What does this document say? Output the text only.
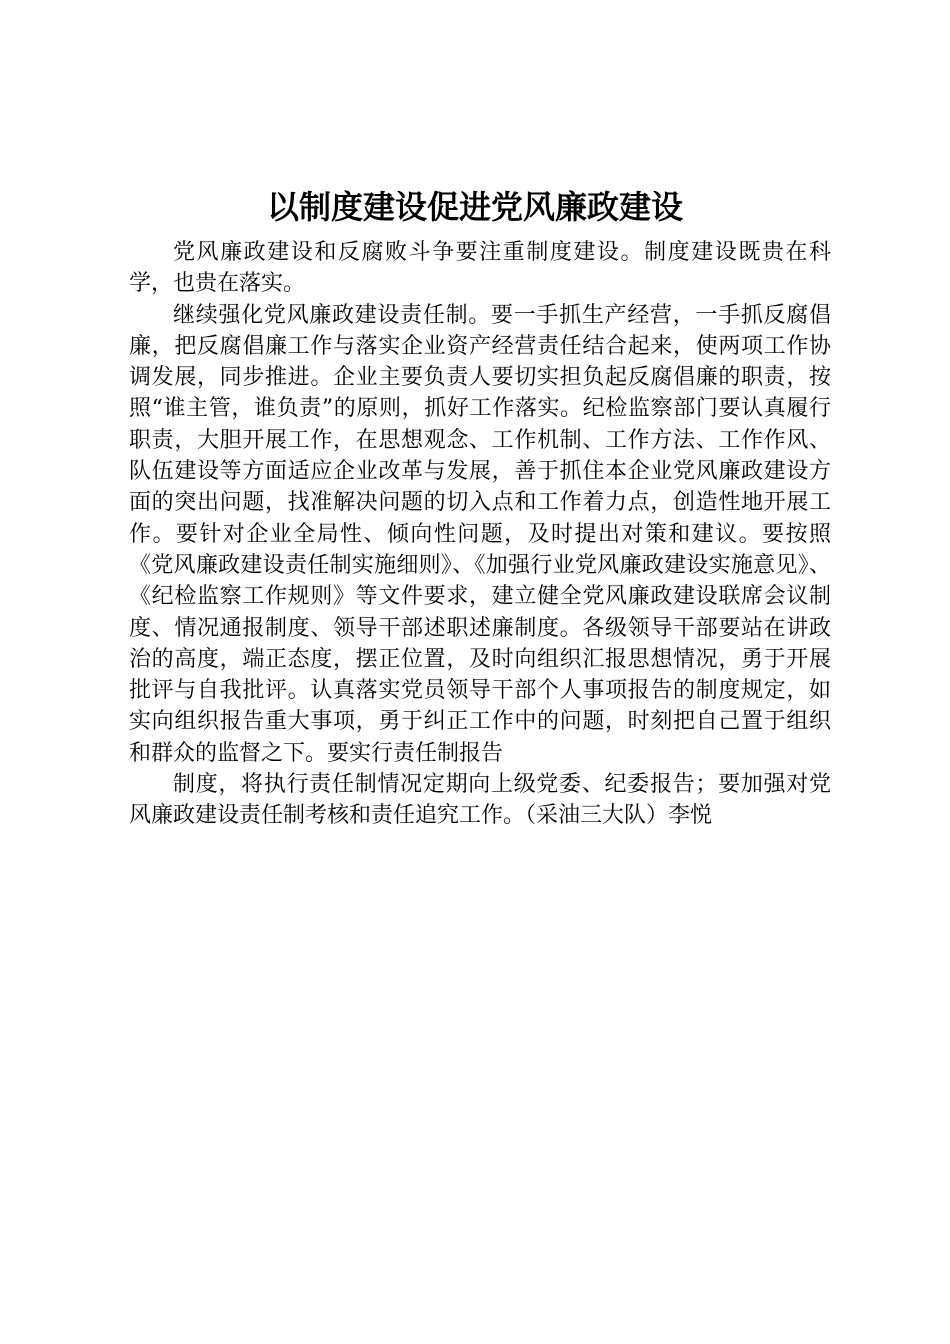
以制度建设促进党风廉政建设

党风廉政建设和反腐败斗争要注重制度建设。制度建设既贵在科学，也贵在落实。

继续强化党风廉政建设责任制。要一手抓生产经营，一手抓反腐倡廉，把反腐倡廉工作与落实企业资产经营责任结合起来，使两项工作协调发展，同步推进。企业主要负责人要切实担负起反腐倡廉的职责，按照“谁主管，谁负责”的原则，抓好工作落实。纪检监察部门要认真履行职责，大胆开展工作，在思想观念、工作机制、工作方法、工作作风、队伍建设等方面适应企业改革与发展，善于抓住本企业党风廉政建设方面的突出问题，找准解决问题的切入点和工作着力点，创造性地开展工作。要针对企业全局性、倾向性问题，及时提出对策和建议。要按照《党风廉政建设责任制实施细则》、《加强行业党风廉政建设实施意见》、《纪检监察工作规则》等文件要求，建立健全党风廉政建设联席会议制度、情况通报制度、领导干部述职述廉制度。各级领导干部要站在讲政治的高度，端正态度，摆正位置，及时向组织汇报思想情况，勇于开展批评与自我批评。认真落实党员领导干部个人事项报告的制度规定，如实向组织报告重大事项，勇于纠正工作中的问题，时刻把自己置于组织和群众的监督之下。要实行责任制报告

制度，将执行责任制情况定期向上级党委、纪委报告；要加强对党风廉政建设责任制考核和责任追究工作。（采油三大队）李悦
